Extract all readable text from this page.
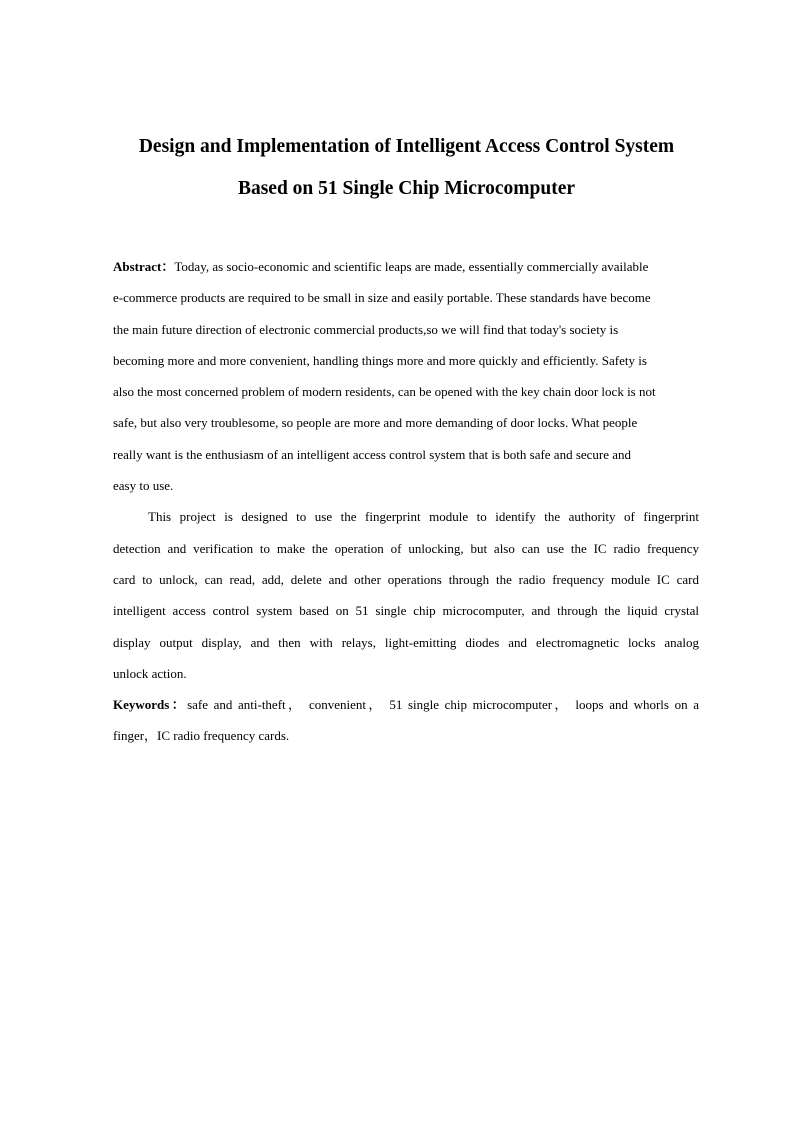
Design and Implementation of Intelligent Access Control System
Based on 51 Single Chip Microcomputer
Abstract：Today, as socio-economic and scientific leaps are made, essentially commercially available
e-commerce products are required to be small in size and easily portable. These standards have become
the main future direction of electronic commercial products,so we will find that today's society is
becoming more and more convenient, handling things more and more quickly and efficiently. Safety is
also the most concerned problem of modern residents, can be opened with the key chain door lock is not
safe, but also very troublesome, so people are more and more demanding of door locks. What people
really want is the enthusiasm of an intelligent access control system that is both safe and secure and
easy to use.
This project is designed to use the fingerprint module to identify the authority of fingerprint
detection and verification to make the operation of unlocking, but also can use the IC radio frequency
card to unlock, can read, add, delete and other operations through the radio frequency module IC card
intelligent access control system based on 51 single chip microcomputer, and through the liquid crystal
display output display, and then with relays, light-emitting diodes and electromagnetic locks analog
unlock action.
Keywords：safe and anti-theft， convenient， 51 single chip microcomputer， loops and whorls on a
finger，IC radio frequency cards.
